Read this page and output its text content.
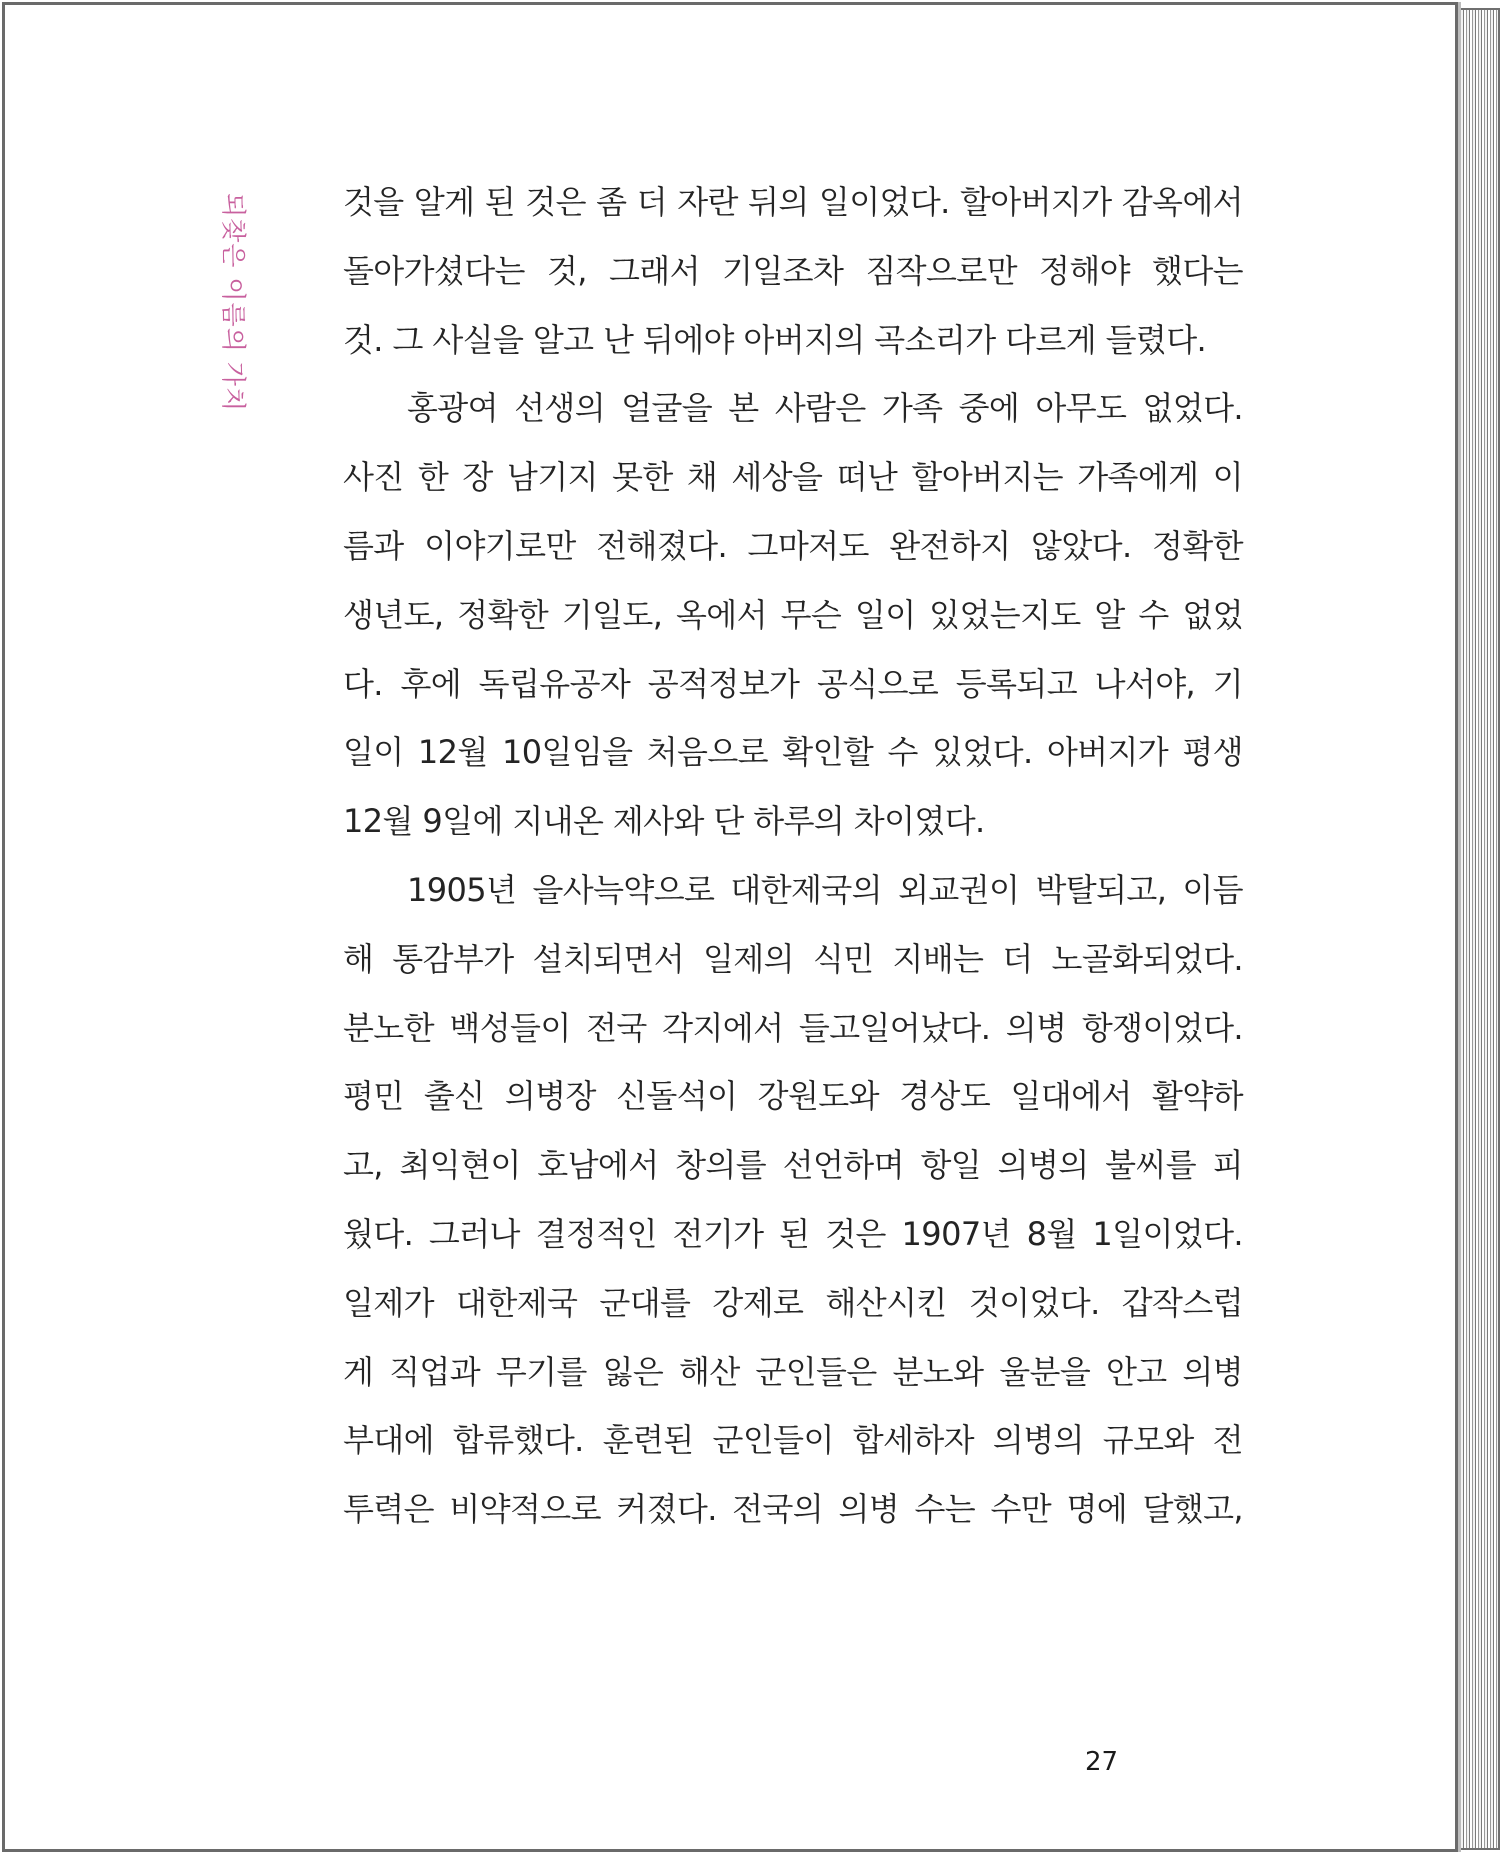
되찾은 이름의 가치	것을 알게 된 것은 좀 더 자란 뒤의 일이었다. 할아버지가 감옥에서
돌아가셨다는 것, 그래서 기일조차 짐작으로만 정해야 했다는
것. 그 사실을 알고 난 뒤에야 아버지의 곡소리가 다르게 들렸다.
홍광여 선생의 얼굴을 본 사람은 가족 중에 아무도 없었다.
사진 한 장 남기지 못한 채 세상을 떠난 할아버지는 가족에게 이
름과 이야기로만 전해졌다. 그마저도 완전하지 않았다. 정확한
생년도, 정확한 기일도, 옥에서 무슨 일이 있었는지도 알 수 없었
다. 후에 독립유공자 공적정보가 공식으로 등록되고 나서야, 기
일이 12월 10일임을 처음으로 확인할 수 있었다. 아버지가 평생
12월 9일에 지내온 제사와 단 하루의 차이였다.
1905년 을사늑약으로 대한제국의 외교권이 박탈되고, 이듬
해 통감부가 설치되면서 일제의 식민 지배는 더 노골화되었다.
분노한 백성들이 전국 각지에서 들고일어났다. 의병 항쟁이었다.
평민 출신 의병장 신돌석이 강원도와 경상도 일대에서 활약하
고, 최익현이 호남에서 창의를 선언하며 항일 의병의 불씨를 피
웠다. 그러나 결정적인 전기가 된 것은 1907년 8월 1일이었다.
일제가 대한제국 군대를 강제로 해산시킨 것이었다. 갑작스럽
게 직업과 무기를 잃은 해산 군인들은 분노와 울분을 안고 의병
부대에 합류했다. 훈련된 군인들이 합세하자 의병의 규모와 전
투력은 비약적으로 커졌다. 전국의 의병 수는 수만 명에 달했고,
27
